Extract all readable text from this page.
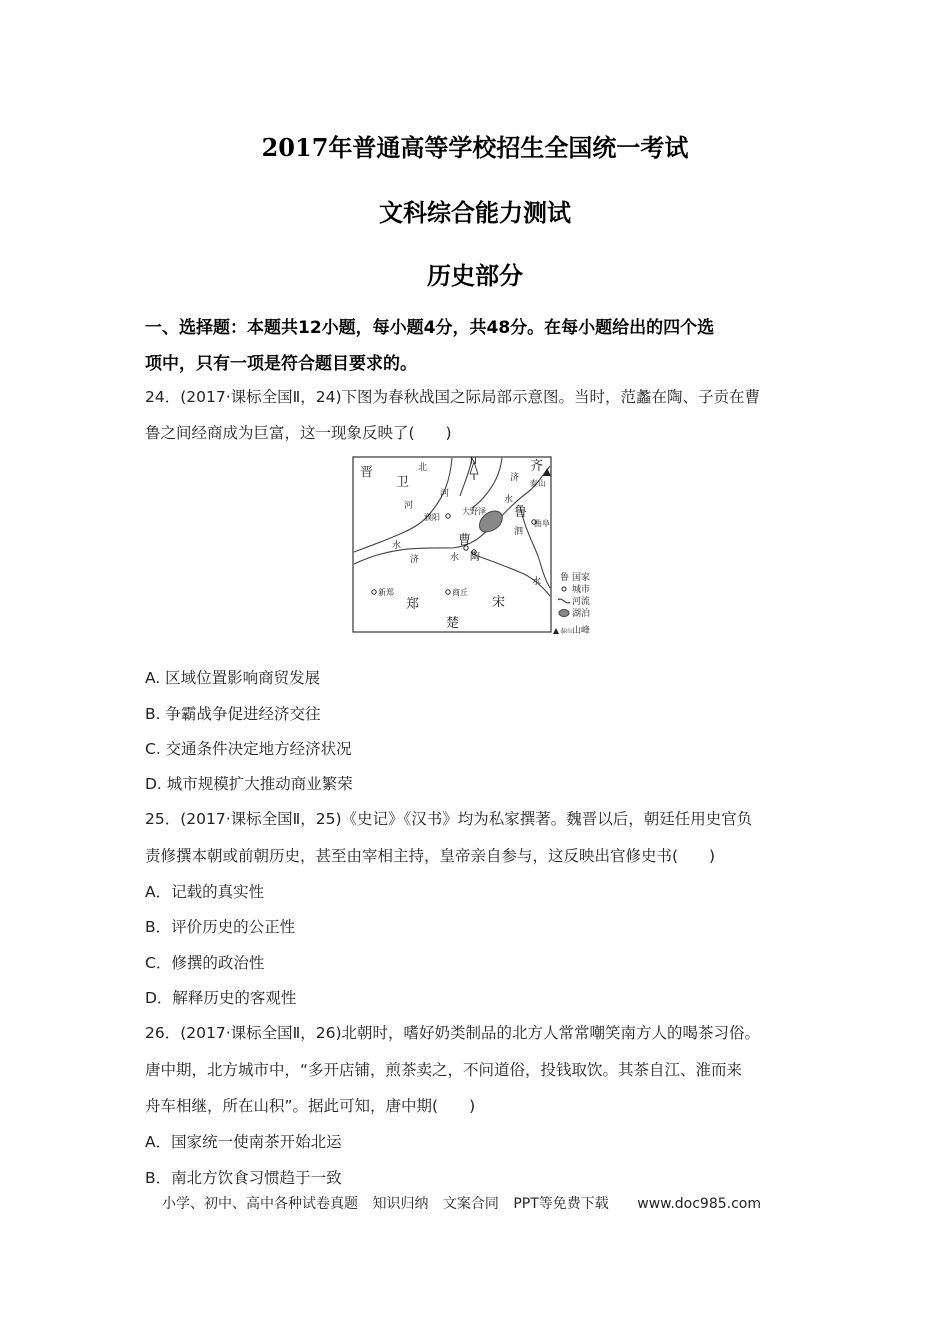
2017年普通高等学校招生全国统一考试
文科综合能力测试
历史部分
一、选择题：本题共12小题，每小题4分，共48分。在每小题给出的四个选
项中，只有一项是符合题目要求的。
24．(2017·课标全国Ⅱ，24)下图为春秋战国之际局部示意图。当时，范蠡在陶、子贡在曹
鲁之间经商成为巨富，这一现象反映了(　　)
N
晋
卫
齐
鲁
曹
陶
郑	宋
楚
濮阳
大野泽
新郑	商丘
曲阜
泰山
北
河
济
水
泗
济	水
河
水
水 鲁 国家
城市
河流
湖泊
泰山 山峰
A. 区域位置影响商贸发展
B. 争霸战争促进经济交往
C. 交通条件决定地方经济状况
D. 城市规模扩大推动商业繁荣
25．(2017·课标全国Ⅱ，25)《史记》《汉书》均为私家撰著。魏晋以后，朝廷任用史官负
责修撰本朝或前朝历史，甚至由宰相主持，皇帝亲自参与，这反映出官修史书(　　)
A．记载的真实性
B．评价历史的公正性
C．修撰的政治性
D．解释历史的客观性
26．(2017·课标全国Ⅱ，26)北朝时，嗜好奶类制品的北方人常常嘲笑南方人的喝茶习俗。
唐中期，北方城市中，“多开店铺，煎茶卖之，不问道俗，投钱取饮。其茶自江、淮而来
舟车相继，所在山积”。据此可知，唐中期(　　)
A．国家统一使南茶开始北运
B．南北方饮食习惯趋于一致
小学、初中、高中各种试卷真题 知识归纳 文案合同 PPT等免费下载 www.doc985.com
